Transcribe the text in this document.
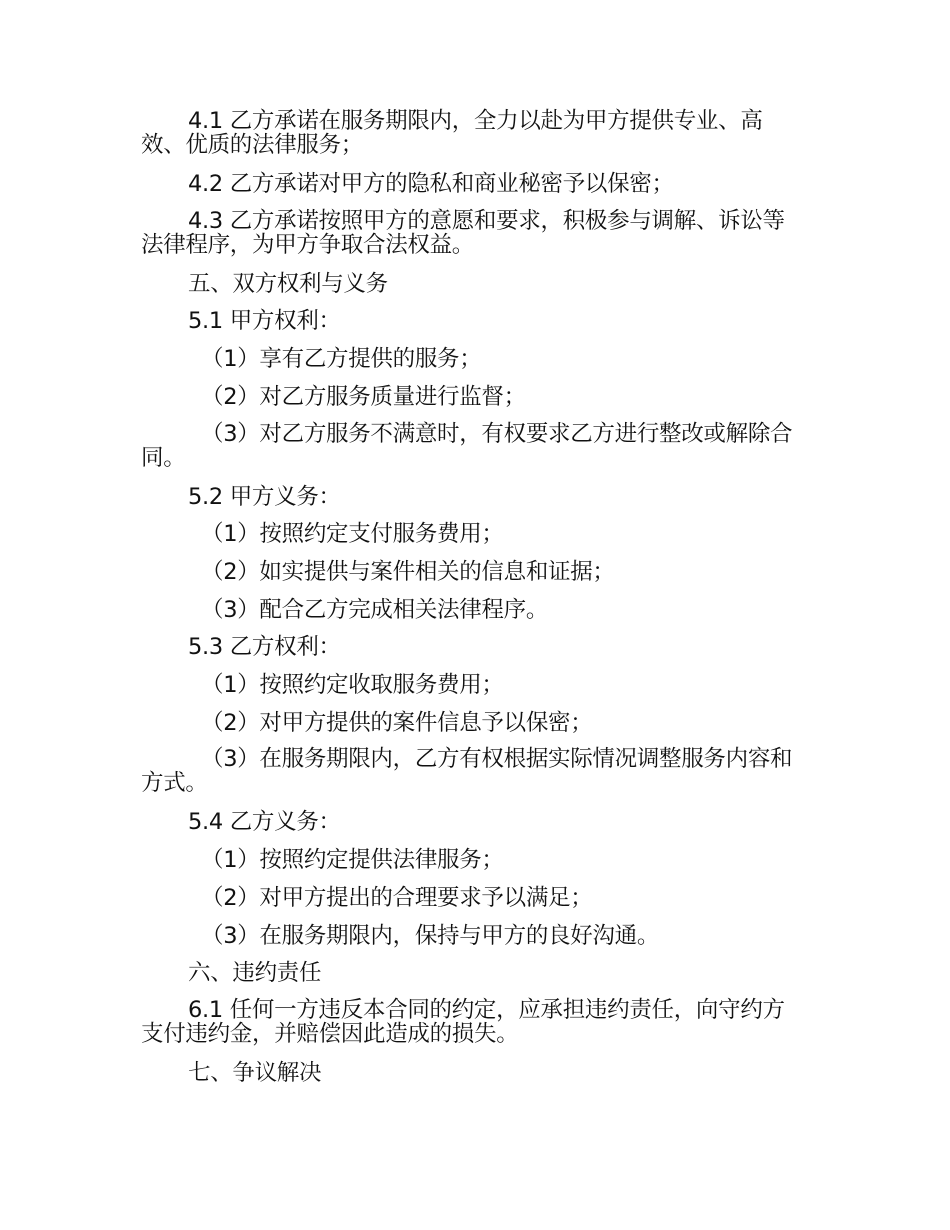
4.1 乙方承诺在服务期限内，全力以赴为甲方提供专业、高效、优质的法律服务；

4.2 乙方承诺对甲方的隐私和商业秘密予以保密；

4.3 乙方承诺按照甲方的意愿和要求，积极参与调解、诉讼等法律程序，为甲方争取合法权益。

五、双方权利与义务

5.1 甲方权利：

（1）享有乙方提供的服务；

（2）对乙方服务质量进行监督；

（3）对乙方服务不满意时，有权要求乙方进行整改或解除合同。

5.2 甲方义务：

（1）按照约定支付服务费用；

（2）如实提供与案件相关的信息和证据；

（3）配合乙方完成相关法律程序。

5.3 乙方权利：

（1）按照约定收取服务费用；

（2）对甲方提供的案件信息予以保密；

（3）在服务期限内，乙方有权根据实际情况调整服务内容和方式。

5.4 乙方义务：

（1）按照约定提供法律服务；

（2）对甲方提出的合理要求予以满足；

（3）在服务期限内，保持与甲方的良好沟通。

六、违约责任

6.1 任何一方违反本合同的约定，应承担违约责任，向守约方支付违约金，并赔偿因此造成的损失。

七、争议解决
